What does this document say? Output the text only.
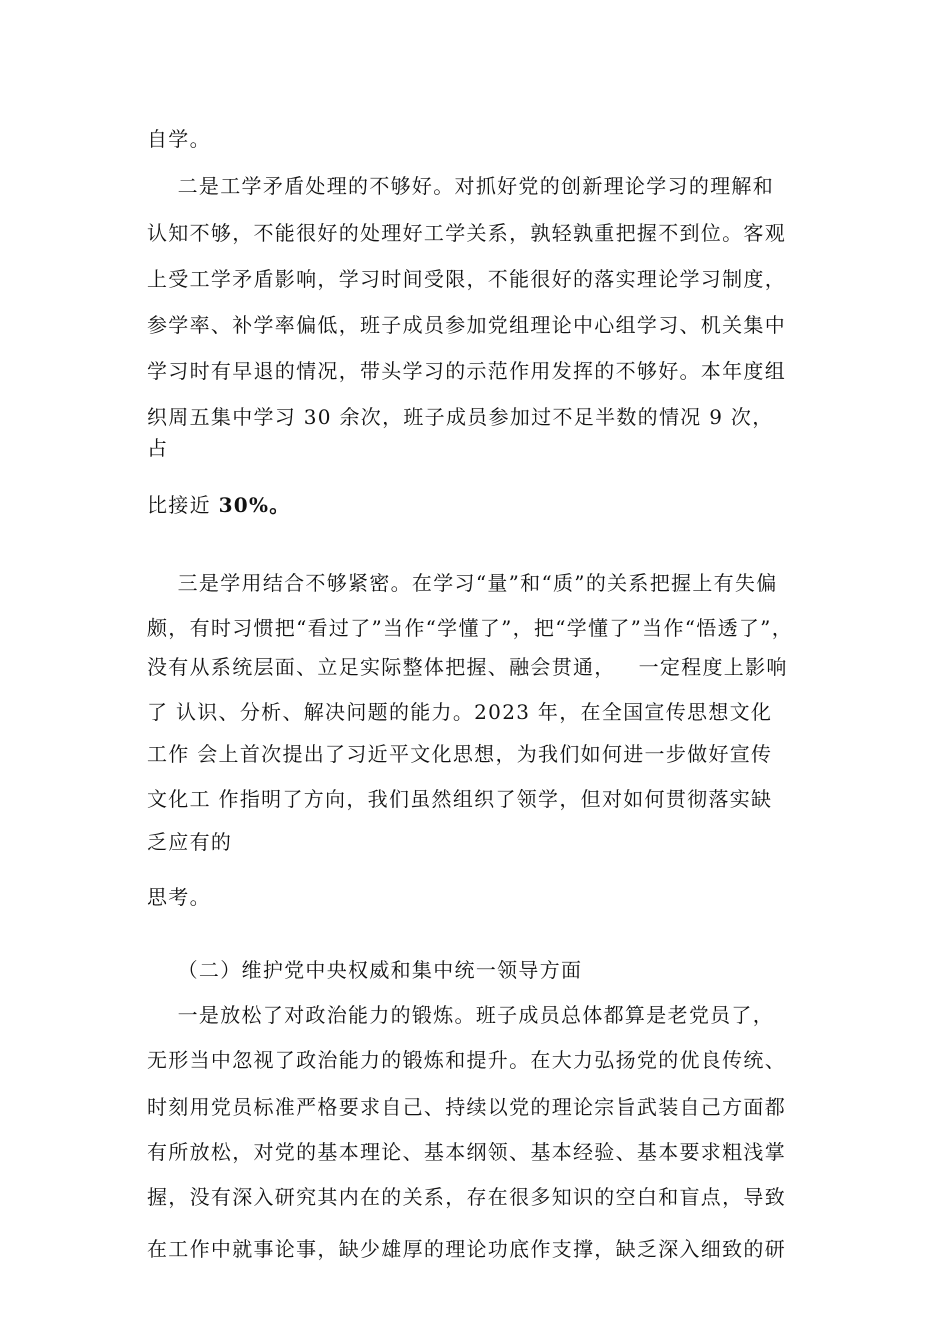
自学。
二是工学矛盾处理的不够好。对抓好党的创新理论学习的理解和
认知不够，不能很好的处理好工学关系，孰轻孰重把握不到位。客观
上受工学矛盾影响，学习时间受限，不能很好的落实理论学习制度，
参学率、补学率偏低，班子成员参加党组理论中心组学习、机关集中
学习时有早退的情况，带头学习的示范作用发挥的不够好。本年度组
织周五集中学习 30 余次，班子成员参加过不足半数的情况 9 次，
占
比接近 30%。
三是学用结合不够紧密。在学习“量”和“质”的关系把握上有失偏
颇，有时习惯把“看过了”当作“学懂了”，把“学懂了”当作“悟透了”，
没有从系统层面、立足实际整体把握、融会贯通，   一定程度上影响
了 认识、分析、解决问题的能力。2023 年，在全国宣传思想文化
工作 会上首次提出了习近平文化思想，为我们如何进一步做好宣传
文化工 作指明了方向，我们虽然组织了领学，但对如何贯彻落实缺
乏应有的
思考。
（二）维护党中央权威和集中统一领导方面
一是放松了对政治能力的锻炼。班子成员总体都算是老党员了，
无形当中忽视了政治能力的锻炼和提升。在大力弘扬党的优良传统、
时刻用党员标准严格要求自己、持续以党的理论宗旨武装自己方面都
有所放松，对党的基本理论、基本纲领、基本经验、基本要求粗浅掌
握，没有深入研究其内在的关系，存在很多知识的空白和盲点，导致
在工作中就事论事，缺少雄厚的理论功底作支撑，缺乏深入细致的研
